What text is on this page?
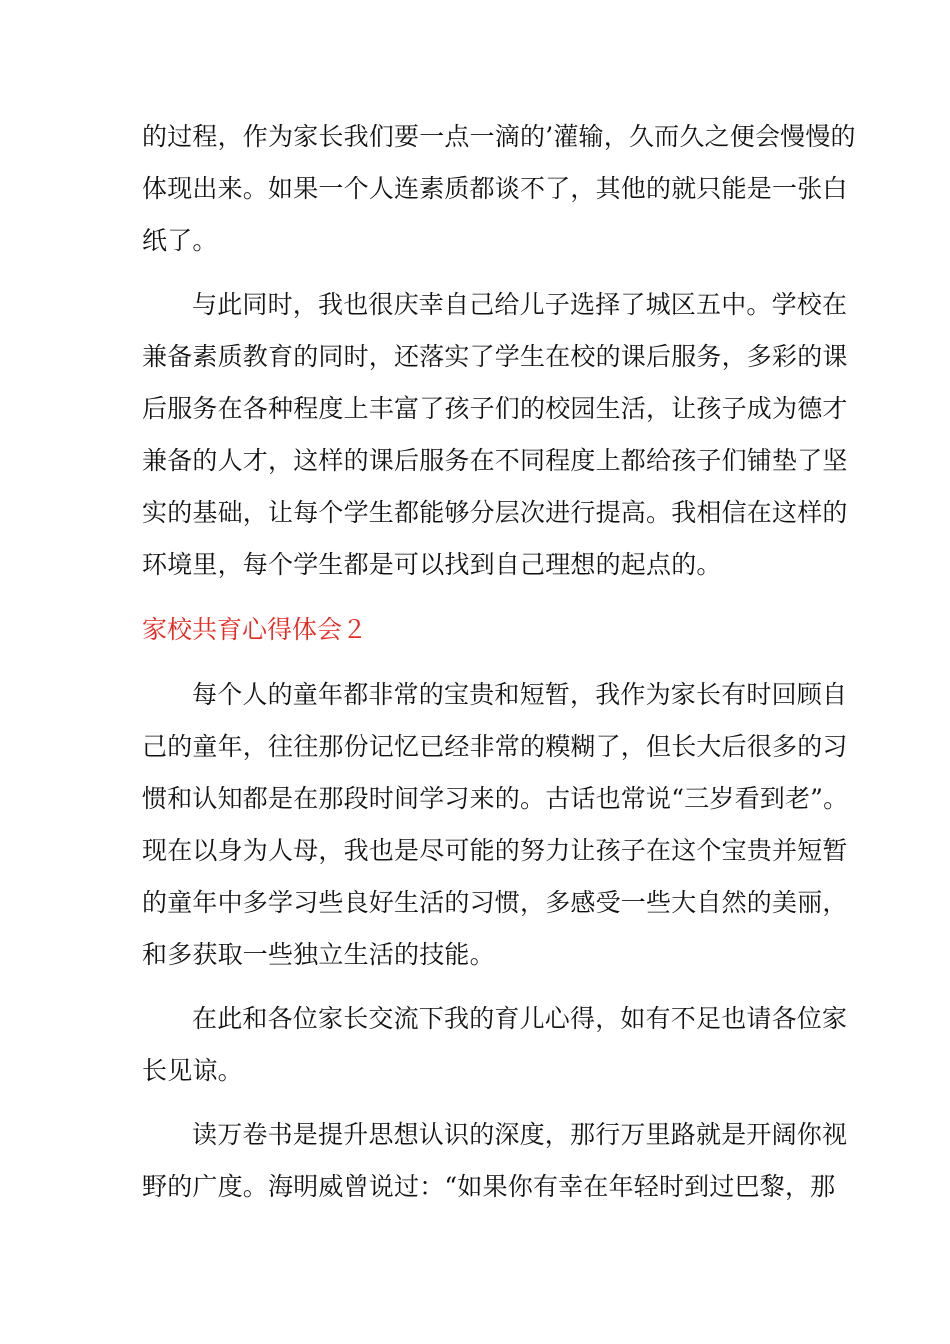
的过程，作为家长我们要一点一滴的’灌输，久而久之便会慢慢的
体现出来。如果一个人连素质都谈不了，其他的就只能是一张白
纸了。
与此同时，我也很庆幸自己给儿子选择了城区五中。学校在
兼备素质教育的同时，还落实了学生在校的课后服务，多彩的课
后服务在各种程度上丰富了孩子们的校园生活，让孩子成为德才
兼备的人才，这样的课后服务在不同程度上都给孩子们铺垫了坚
实的基础，让每个学生都能够分层次进行提高。我相信在这样的
环境里，每个学生都是可以找到自己理想的起点的。
家校共育心得体会２
每个人的童年都非常的宝贵和短暂，我作为家长有时回顾自
己的童年，往往那份记忆已经非常的糢糊了，但长大后很多的习
惯和认知都是在那段时间学习来的。古话也常说“三岁看到老”。
现在以身为人母，我也是尽可能的努力让孩子在这个宝贵并短暂
的童年中多学习些良好生活的习惯，多感受一些大自然的美丽，
和多获取一些独立生活的技能。
在此和各位家长交流下我的育儿心得，如有不足也请各位家
长见谅。
读万卷书是提升思想认识的深度，那行万里路就是开阔你视
野的广度。海明威曾说过：“如果你有幸在年轻时到过巴黎，那
